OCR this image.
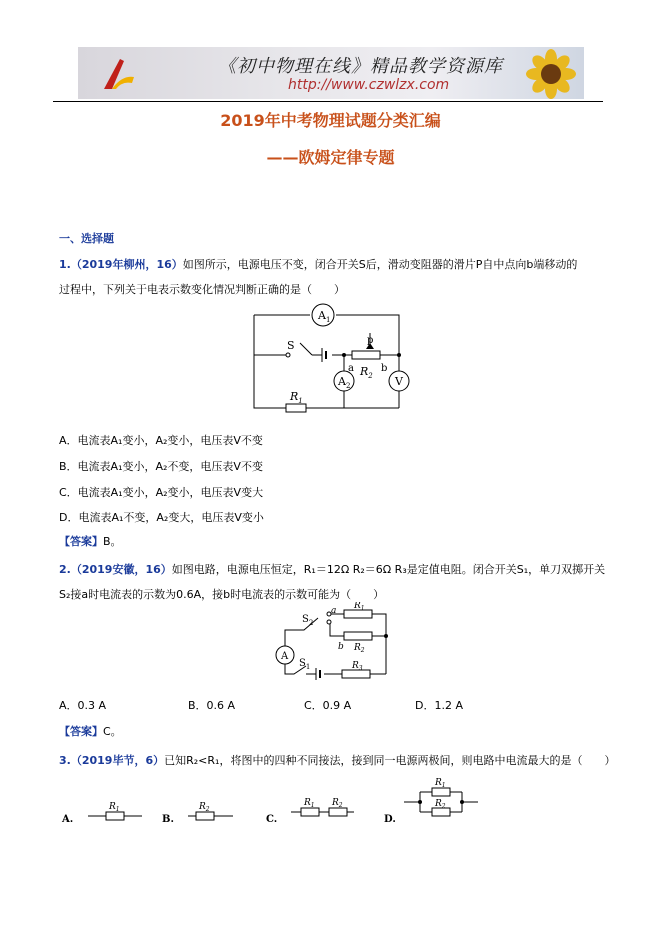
《初中物理在线》精品教学资源库
http://www.czwlzx.com
2019年中考物理试题分类汇编
——欧姆定律专题
一、选择题
1.（2019年柳州，16）如图所示，电源电压不变，闭合开关S后，滑动变阻器的滑片P自中点向b端移动的
过程中，下列关于电表示数变化情况判断正确的是（　　）
$A_1$
$A_2$	V
S	p
a	b
$R_2$
$R_1$
A．电流表A₁变小，A₂变小，电压表V不变
B．电流表A₁变小，A₂不变，电压表V不变
C．电流表A₁变小，A₂变小，电压表V变大
D．电流表A₁不变，A₂变大，电压表V变小
【答案】B。
2.（2019安徽，16）如图电路，电源电压恒定，R₁＝12Ω R₂＝6Ω R₃是定值电阻。闭合开关S₁，单刀双掷开关
S₂接a时电流表的示数为0.6A，接b时电流表的示数可能为（　　）
A
$S_2$
$S_1$
a
b
$R_1$
$R_2$
$R_3$
A．0.3 A	B．0.6 A	C．0.9 A	D．1.2 A
【答案】C。
3.（2019毕节，6）已知R₂<R₁，将图中的四种不同接法，接到同一电源两极间，则电路中电流最大的是（　　）
A.	B.	C.	D.
$R_1$	$R_2$
$R_1$ $R_2$
$R_1$
$R_2$
